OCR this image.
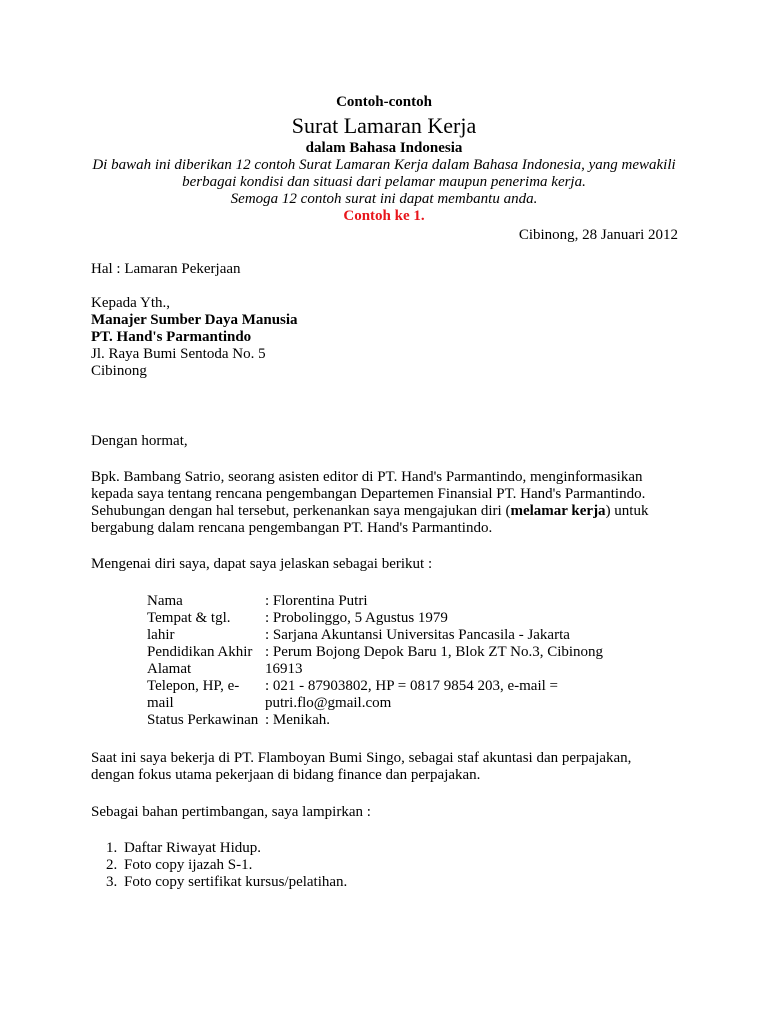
Contoh-contoh
Surat Lamaran Kerja
dalam Bahasa Indonesia
Di bawah ini diberikan 12 contoh Surat Lamaran Kerja dalam Bahasa Indonesia, yang mewakili
berbagai kondisi dan situasi dari pelamar maupun penerima kerja.
Semoga 12 contoh surat ini dapat membantu anda.
Contoh ke 1.
Cibinong, 28 Januari 2012
Hal : Lamaran Pekerjaan
Kepada Yth.,
Manajer Sumber Daya Manusia
PT. Hand's Parmantindo
Jl. Raya Bumi Sentoda No. 5
Cibinong
Dengan hormat,
Bpk. Bambang Satrio, seorang asisten editor di PT. Hand's Parmantindo, menginformasikan
kepada saya tentang rencana pengembangan Departemen Finansial PT. Hand's Parmantindo.
Sehubungan dengan hal tersebut, perkenankan saya mengajukan diri (melamar kerja) untuk
bergabung dalam rencana pengembangan PT. Hand's Parmantindo.
Mengenai diri saya, dapat saya jelaskan sebagai berikut :
Nama
Tempat & tgl.
lahir
Pendidikan Akhir
Alamat
Telepon, HP, e-
mail
Status Perkawinan
: Florentina Putri
: Probolinggo, 5 Agustus 1979
: Sarjana Akuntansi Universitas Pancasila - Jakarta
: Perum Bojong Depok Baru 1, Blok ZT No.3, Cibinong
16913
: 021 - 87903802, HP = 0817 9854 203, e-mail =
putri.flo@gmail.com
: Menikah.
Saat ini saya bekerja di PT. Flamboyan Bumi Singo, sebagai staf akuntasi dan perpajakan,
dengan fokus utama pekerjaan di bidang finance dan perpajakan.
Sebagai bahan pertimbangan, saya lampirkan :
1. Daftar Riwayat Hidup.
2. Foto copy ijazah S-1.
3. Foto copy sertifikat kursus/pelatihan.
